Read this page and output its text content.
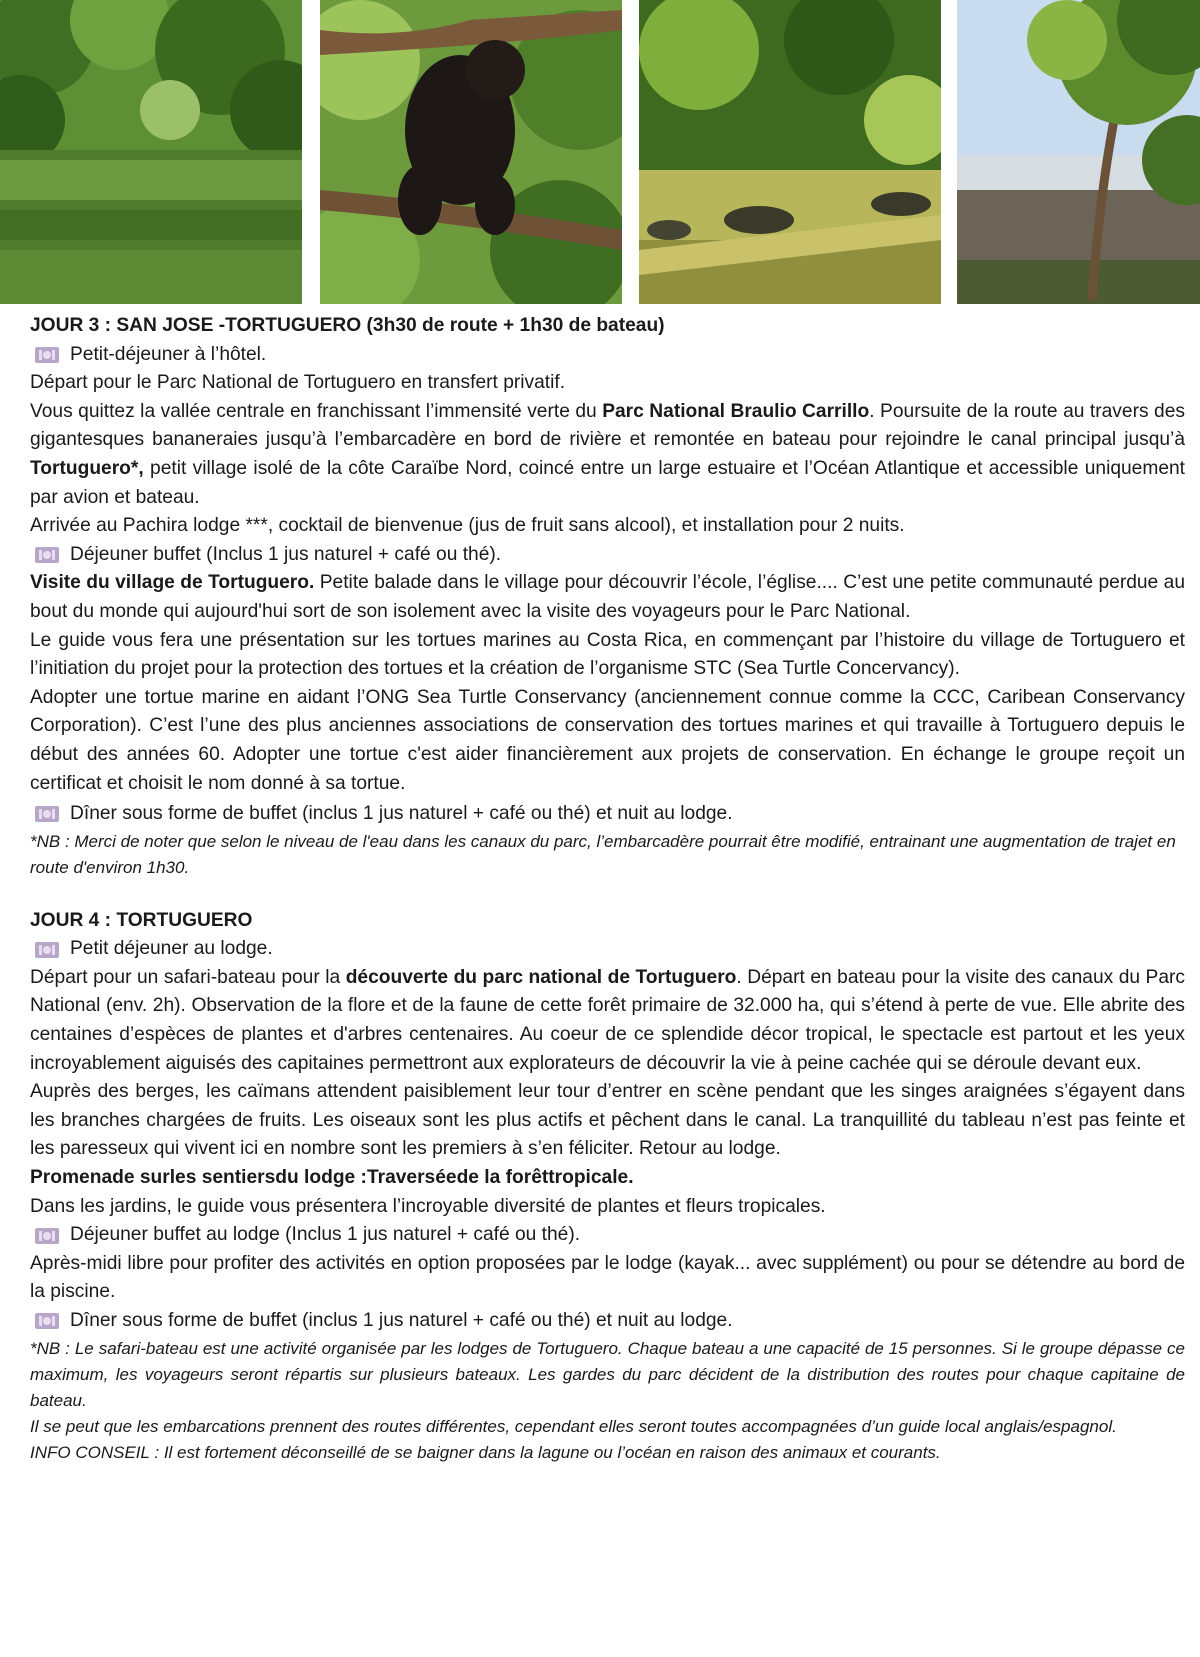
JOUR 3 : SAN JOSE -TORTUGUERO (3h30 de route + 1h30 de bateau)

Petit-déjeuner à l’hôtel.

Départ pour le Parc National de Tortuguero en transfert privatif.

Vous quittez la vallée centrale en franchissant l’immensité verte du Parc National Braulio Carrillo. Poursuite de la route au travers des gigantesques bananeraies jusqu’à l’embarcadère en bord de rivière et remontée en bateau pour rejoindre le canal principal jusqu’à Tortuguero*, petit village isolé de la côte Caraïbe Nord, coincé entre un large estuaire et l’Océan Atlantique et accessible uniquement par avion et bateau.

Arrivée au Pachira lodge ***, cocktail de bienvenue (jus de fruit sans alcool), et installation pour 2 nuits.

Déjeuner buffet (Inclus 1 jus naturel + café ou thé).

Visite du village de Tortuguero. Petite balade dans le village pour découvrir l’école, l’église.... C’est une petite communauté perdue au bout du monde qui aujourd'hui sort de son isolement avec la visite des voyageurs pour le Parc National.

Le guide vous fera une présentation sur les tortues marines au Costa Rica, en commençant par l’histoire du village de Tortuguero et l’initiation du projet pour la protection des tortues et la création de l’organisme STC (Sea Turtle Concervancy).

Adopter une tortue marine en aidant l’ONG Sea Turtle Conservancy (anciennement connue comme la CCC, Caribean Conservancy Corporation). C’est l’une des plus anciennes associations de conservation des tortues marines et qui travaille à Tortuguero depuis le début des années 60. Adopter une tortue c'est aider financièrement aux projets de conservation. En échange le groupe reçoit un certificat et choisit le nom donné à sa tortue.

Dîner sous forme de buffet (inclus 1 jus naturel + café ou thé) et nuit au lodge.

*NB : Merci de noter que selon le niveau de l'eau dans les canaux du parc, l’embarcadère pourrait être modifié, entrainant une augmentation de trajet en route d'environ 1h30.

JOUR 4 : TORTUGUERO

Petit déjeuner au lodge.

Départ pour un safari-bateau pour la découverte du parc national de Tortuguero. Départ en bateau pour la visite des canaux du Parc National (env. 2h). Observation de la flore et de la faune de cette forêt primaire de 32.000 ha, qui s’étend à perte de vue. Elle abrite des centaines d’espèces de plantes et d'arbres centenaires. Au coeur de ce splendide décor tropical, le spectacle est partout et les yeux incroyablement aiguisés des capitaines permettront aux explorateurs de découvrir la vie à peine cachée qui se déroule devant eux.

Auprès des berges, les caïmans attendent paisiblement leur tour d’entrer en scène pendant que les singes araignées s’égayent dans les branches chargées de fruits. Les oiseaux sont les plus actifs et pêchent dans le canal. La tranquillité du tableau n’est pas feinte et les paresseux qui vivent ici en nombre sont les premiers à s’en féliciter. Retour au lodge.

Promenade surles sentiersdu lodge :Traverséede la forêttropicale.

Dans les jardins, le guide vous présentera l’incroyable diversité de plantes et fleurs tropicales.

Déjeuner buffet au lodge (Inclus 1 jus naturel + café ou thé).

Après-midi libre pour profiter des activités en option proposées par le lodge (kayak... avec supplément) ou pour se détendre au bord de la piscine.

Dîner sous forme de buffet (inclus 1 jus naturel + café ou thé) et nuit au lodge.

*NB : Le safari-bateau est une activité organisée par les lodges de Tortuguero. Chaque bateau a une capacité de 15 personnes. Si le groupe dépasse ce maximum, les voyageurs seront répartis sur plusieurs bateaux. Les gardes du parc décident de la distribution des routes pour chaque capitaine de bateau.

Il se peut que les embarcations prennent des routes différentes, cependant elles seront toutes accompagnées d’un guide local anglais/espagnol.

INFO CONSEIL : Il est fortement déconseillé de se baigner dans la lagune ou l’océan en raison des animaux et courants.
